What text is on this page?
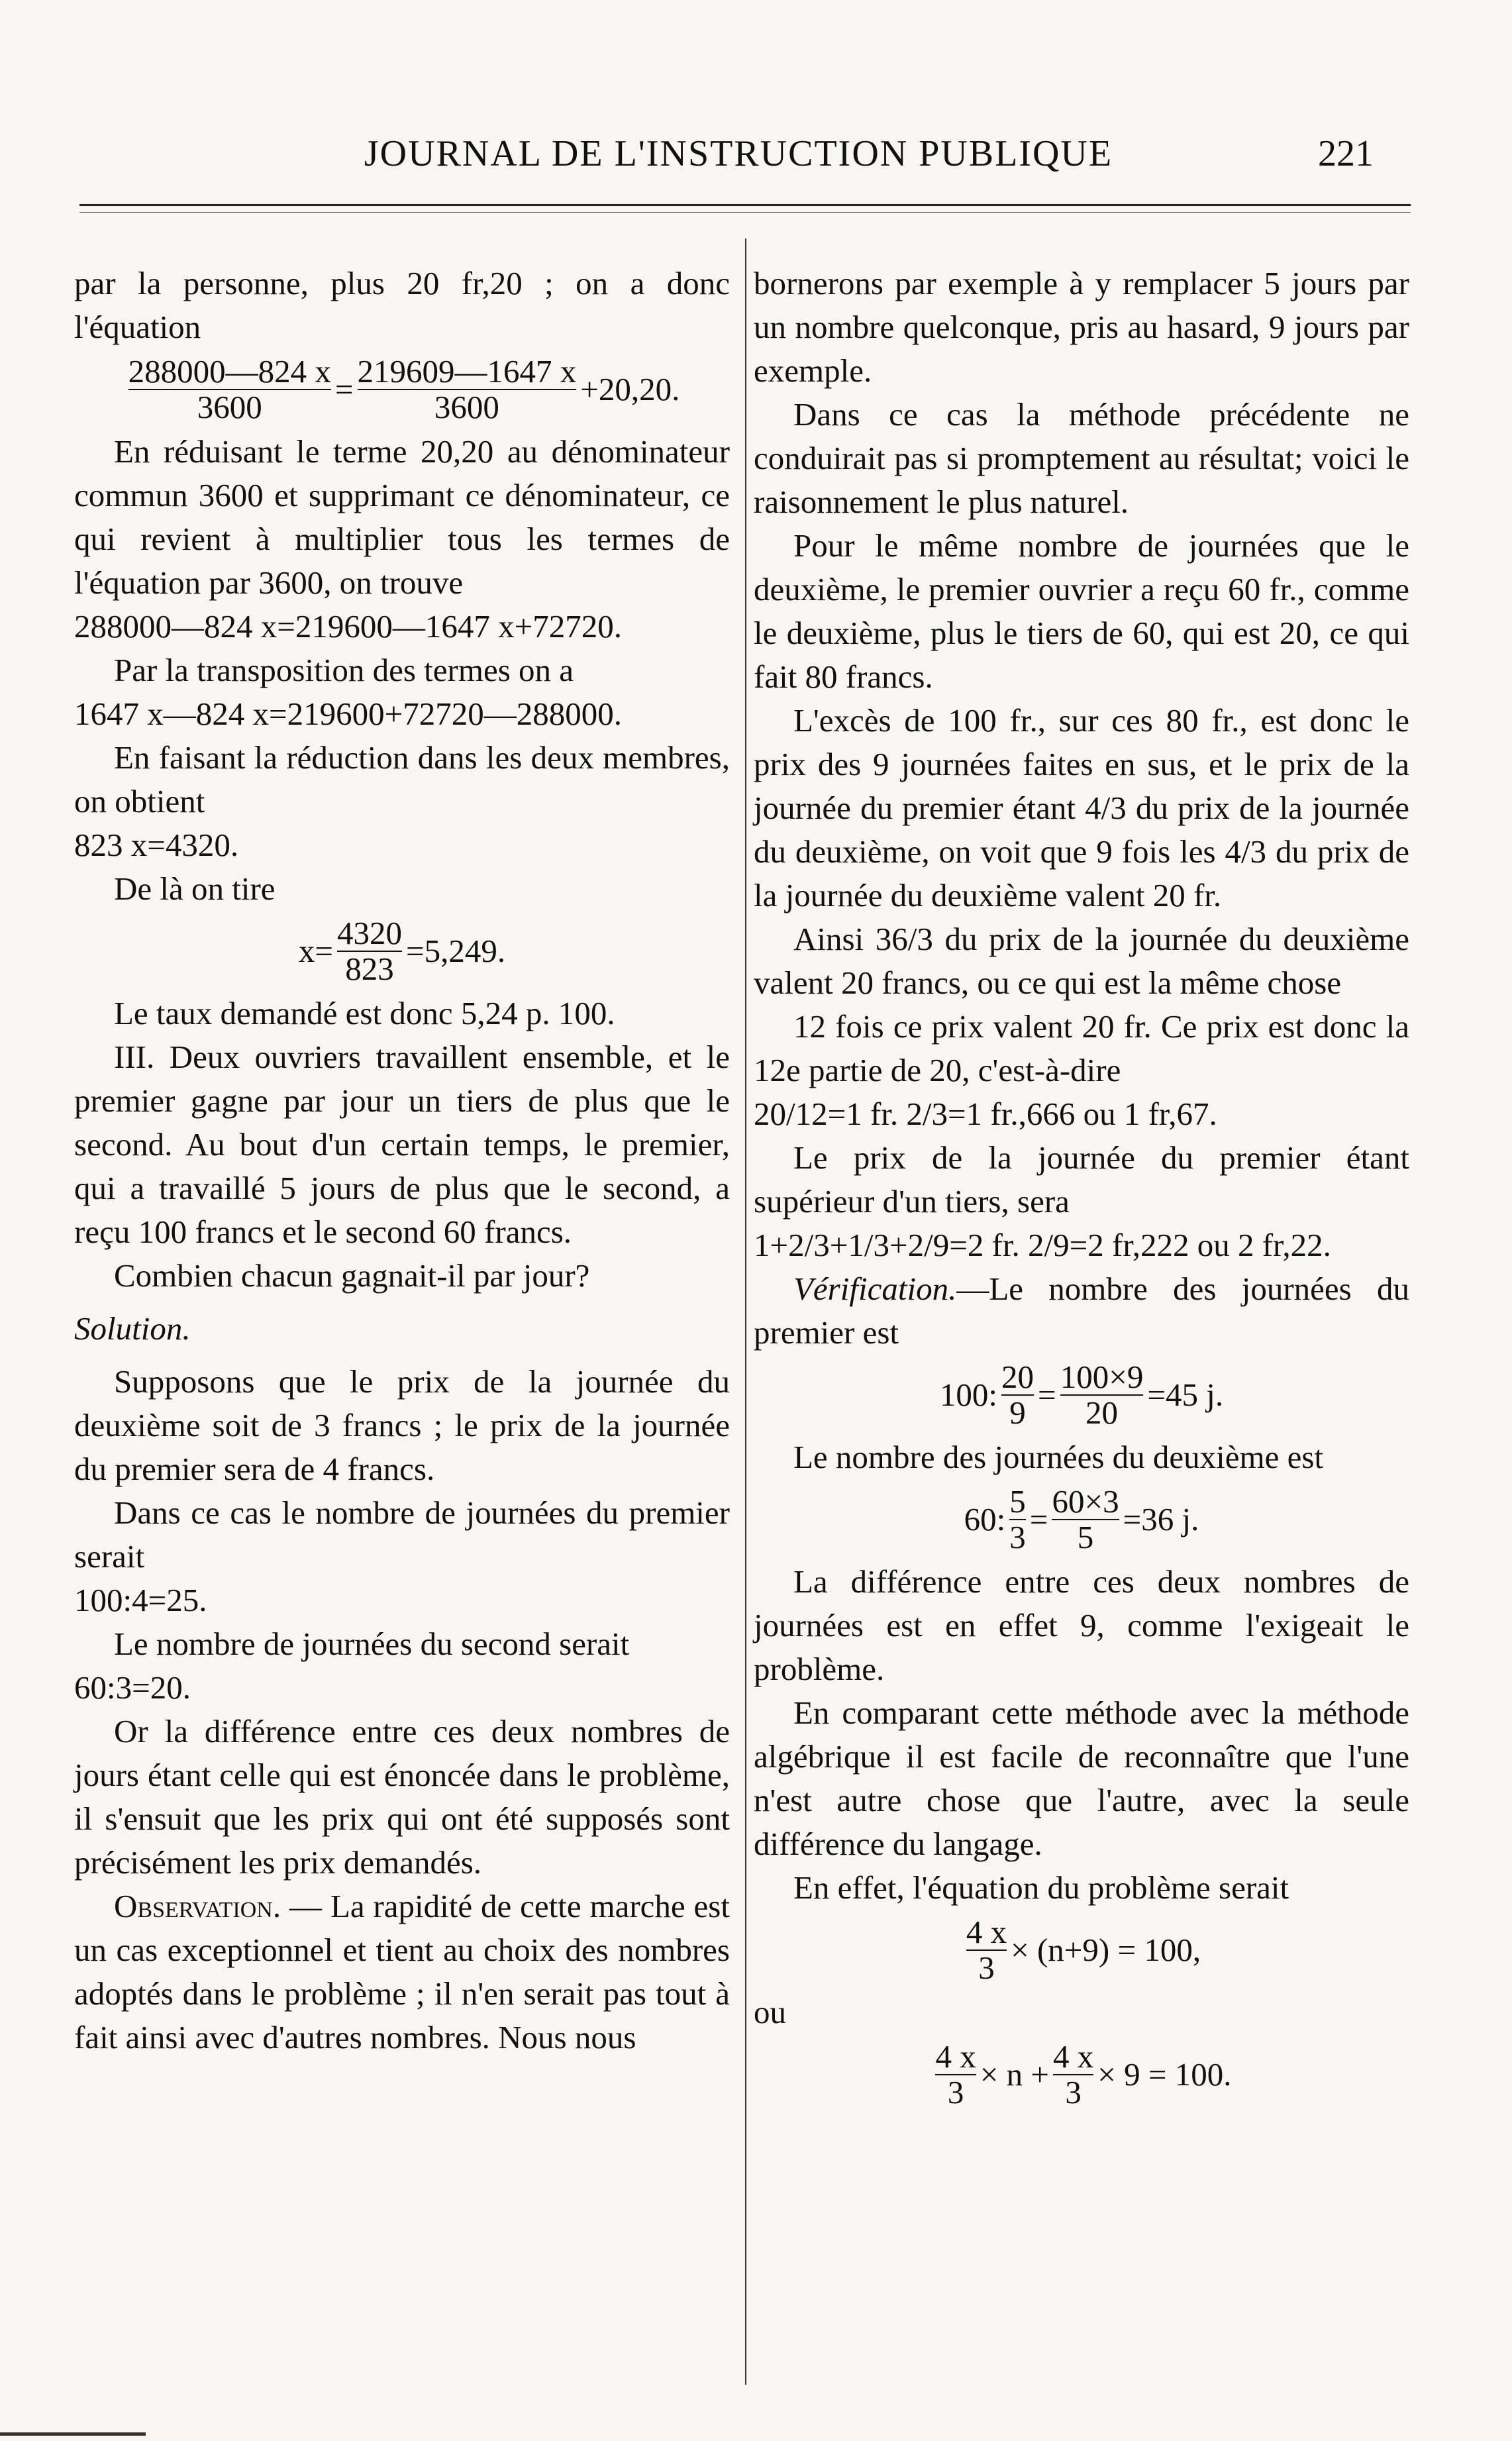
JOURNAL DE L'INSTRUCTION PUBLIQUE	221

par la personne, plus 20 fr,20 ; on a donc l'équation

$\frac{288000—824 x}{3600} = \frac{219609—1647 x}{3600} +20,20$.

En réduisant le terme 20,20 au dénominateur commun 3600 et supprimant ce dénominateur, ce qui revient à multiplier tous les termes de l'équation par 3600, on trouve

288000—824 x=219600—1647 x+72720.

Par la transposition des termes on a

1647 x—824 x=219600+72720—288000.

En faisant la réduction dans les deux membres, on obtient

823 x=4320.

De là on tire

$x= \frac{4320}{823} =5,249$.

Le taux demandé est donc 5,24 p. 100.

III. Deux ouvriers travaillent ensemble, et le premier gagne par jour un tiers de plus que le second. Au bout d'un certain temps, le premier, qui a travaillé 5 jours de plus que le second, a reçu 100 francs et le second 60 francs.

Combien chacun gagnait-il par jour?

Solution.

Supposons que le prix de la journée du deuxième soit de 3 francs ; le prix de la journée du premier sera de 4 francs.

Dans ce cas le nombre de journées du premier serait

100:4=25.

Le nombre de journées du second serait

60:3=20.

Or la différence entre ces deux nombres de jours étant celle qui est énoncée dans le problème, il s'ensuit que les prix qui ont été supposés sont précisément les prix demandés.

Observation. — La rapidité de cette marche est un cas exceptionnel et tient au choix des nombres adoptés dans le problème ; il n'en serait pas tout à fait ainsi avec d'autres nombres. Nous nous

bornerons par exemple à y remplacer 5 jours par un nombre quelconque, pris au hasard, 9 jours par exemple.

Dans ce cas la méthode précédente ne conduirait pas si promptement au résultat; voici le raisonnement le plus naturel.

Pour le même nombre de journées que le deuxième, le premier ouvrier a reçu 60 fr., comme le deuxième, plus le tiers de 60, qui est 20, ce qui fait 80 francs.

L'excès de 100 fr., sur ces 80 fr., est donc le prix des 9 journées faites en sus, et le prix de la journée du premier étant 4/3 du prix de la journée du deuxième, on voit que 9 fois les 4/3 du prix de la journée du deuxième valent 20 fr.

Ainsi 36/3 du prix de la journée du deuxième valent 20 francs, ou ce qui est la même chose

12 fois ce prix valent 20 fr. Ce prix est donc la 12e partie de 20, c'est-à-dire

20/12=1 fr. 2/3=1 fr.,666 ou 1 fr,67.

Le prix de la journée du premier étant supérieur d'un tiers, sera

1+2/3+1/3+2/9=2 fr. 2/9=2 fr,222 ou 2 fr,22.

Vérification.—Le nombre des journées du premier est

100: $\frac{20}{9} = \frac{100\times 9}{20} =45$ j.

Le nombre des journées du deuxième est

60: $\frac{5}{3} = \frac{60\times 3}{5} =36$ j.

La différence entre ces deux nombres de journées est en effet 9, comme l'exigeait le problème.

En comparant cette méthode avec la méthode algébrique il est facile de reconnaître que l'une n'est autre chose que l'autre, avec la seule différence du langage.

En effet, l'équation du problème serait

$\frac{4 x}{3} \times (n+9) = 100$,

ou

$\frac{4 x}{3} \times n + \frac{4 x}{3} \times 9 = 100$.
